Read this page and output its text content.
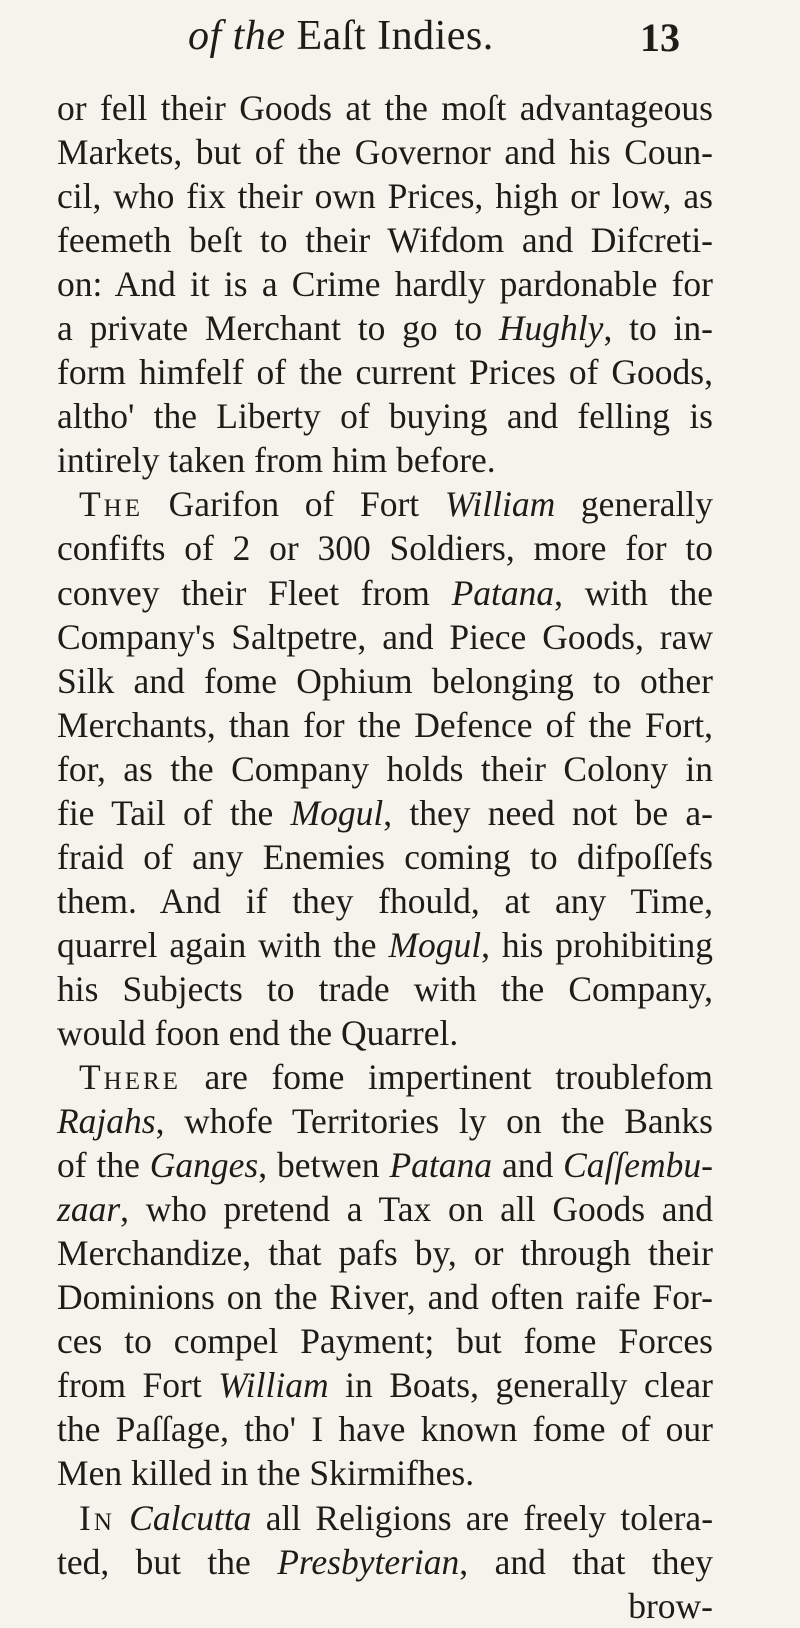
of the Eaſt Indies.	13
or fell their Goods at the moſt advantageous
Markets, but of the Governor and his Coun-
cil, who fix their own Prices, high or low, as
feemeth beſt to their Wifdom and Difcreti-
on: And it is a Crime hardly pardonable for
a private Merchant to go to Hughly, to in-
form himfelf of the current Prices of Goods,
altho' the Liberty of buying and felling is
intirely taken from him before.
The Garifon of Fort William generally
confifts of 2 or 300 Soldiers, more for to
convey their Fleet from Patana, with the
Company's Saltpetre, and Piece Goods, raw
Silk and fome Ophium belonging to other
Merchants, than for the Defence of the Fort,
for, as the Company holds their Colony in
fie Tail of the Mogul, they need not be a-
fraid of any Enemies coming to difpoſſefs
them. And if they fhould, at any Time,
quarrel again with the Mogul, his prohibiting
his Subjects to trade with the Company,
would foon end the Quarrel.
There are fome impertinent troublefom
Rajahs, whofe Territories ly on the Banks
of the Ganges, betwen Patana and Caſſembu-
zaar, who pretend a Tax on all Goods and
Merchandize, that pafs by, or through their
Dominions on the River, and often raife For-
ces to compel Payment; but fome Forces
from Fort William in Boats, generally clear
the Paſſage, tho' I have known fome of our
Men killed in the Skirmifhes.
In Calcutta all Religions are freely tolera-
ted, but the Presbyterian, and that they
brow-
